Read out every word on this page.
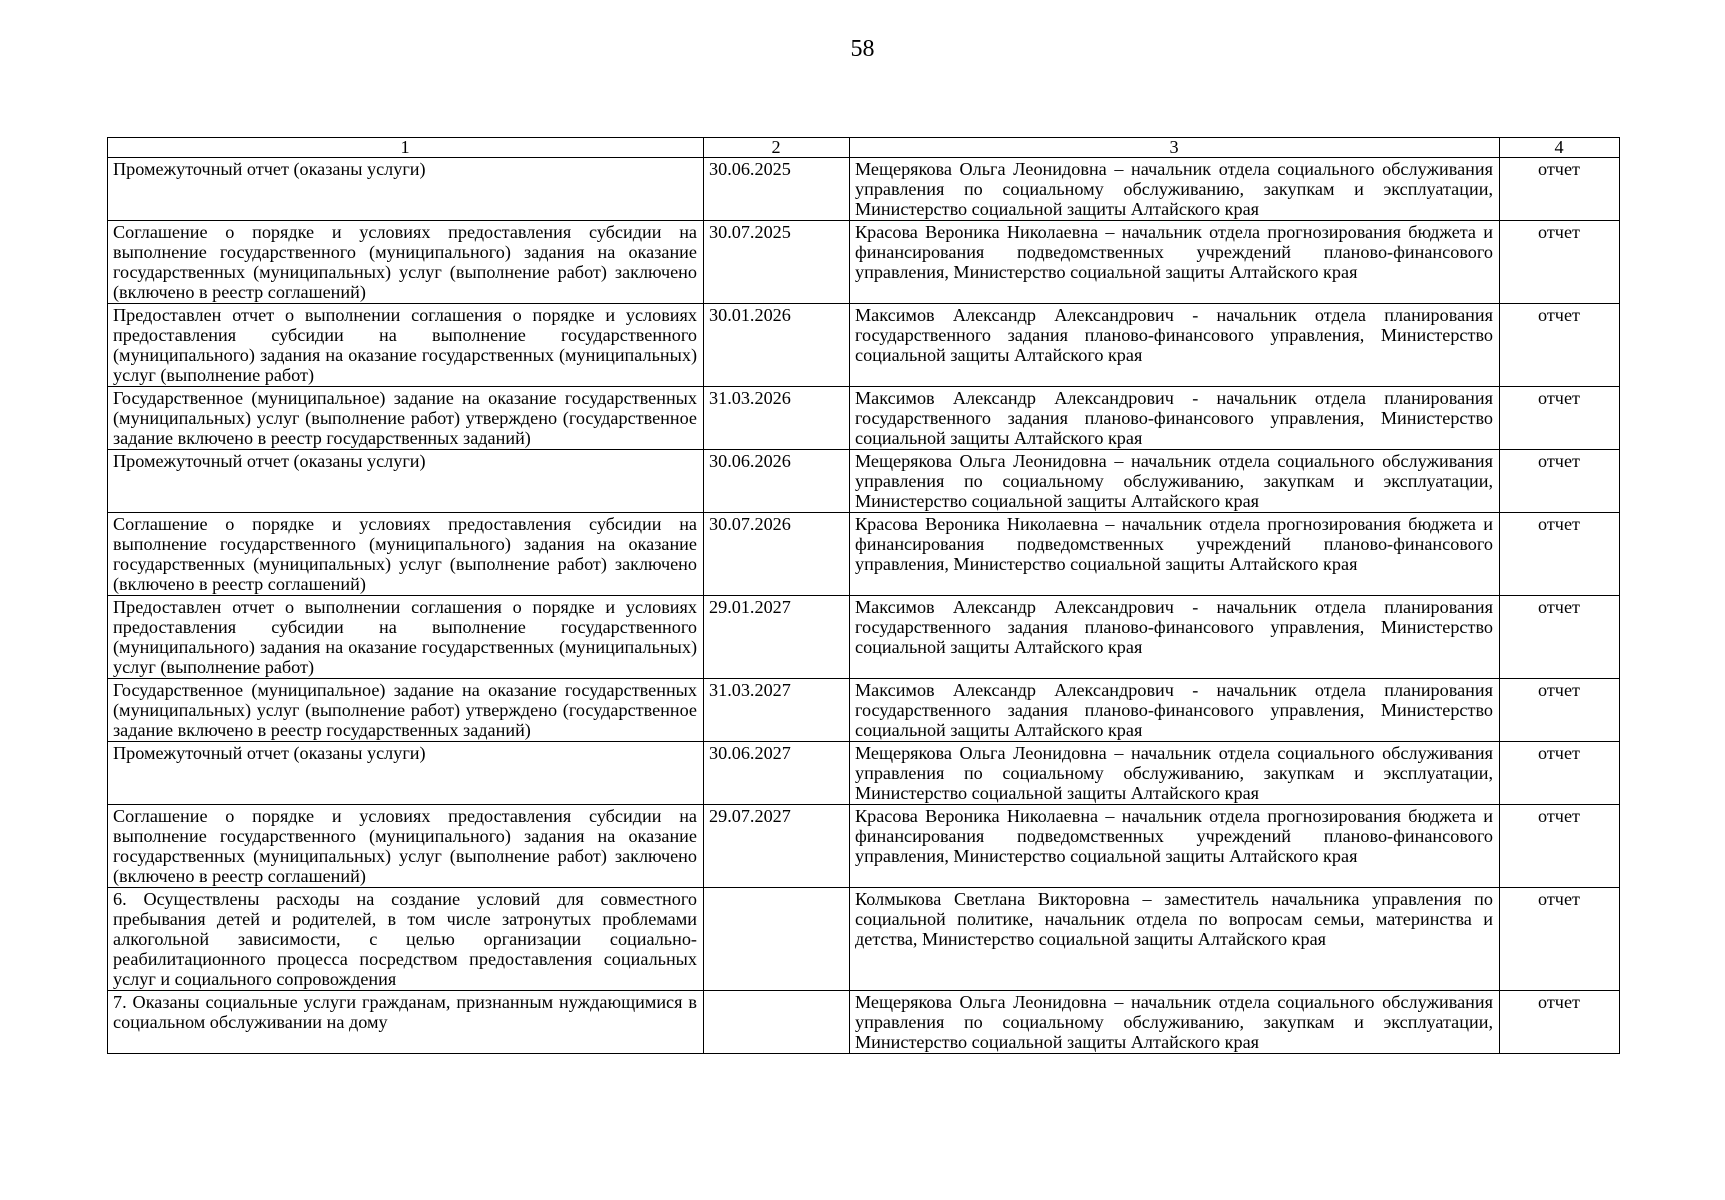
58
1	2	3	4
Промежуточный отчет (оказаны услуги)	30.06.2025	Мещерякова Ольга Леонидовна – начальник отдела социального обслуживания управления по социальному обслуживанию, закупкам и эксплуатации, Министерство социальной защиты Алтайского края	отчет
Соглашение о порядке и условиях предоставления субсидии на выполнение государственного (муниципального) задания на оказание государственных (муниципальных) услуг (выполнение работ) заключено (включено в реестр соглашений)	30.07.2025	Красова Вероника Николаевна – начальник отдела прогнозирования бюджета и финансирования подведомственных учреждений планово-финансового управления, Министерство социальной защиты Алтайского края	отчет
Предоставлен отчет о выполнении соглашения о порядке и условиях предоставления субсидии на выполнение государственного (муниципального) задания на оказание государственных (муниципальных) услуг (выполнение работ)	30.01.2026	Максимов Александр Александрович - начальник отдела планирования государственного задания планово-финансового управления, Министерство социальной защиты Алтайского края	отчет
Государственное (муниципальное) задание на оказание государственных (муниципальных) услуг (выполнение работ) утверждено (государственное задание включено в реестр государственных заданий)	31.03.2026	Максимов Александр Александрович - начальник отдела планирования государственного задания планово-финансового управления, Министерство социальной защиты Алтайского края	отчет
Промежуточный отчет (оказаны услуги)	30.06.2026	Мещерякова Ольга Леонидовна – начальник отдела социального обслуживания управления по социальному обслуживанию, закупкам и эксплуатации, Министерство социальной защиты Алтайского края	отчет
Соглашение о порядке и условиях предоставления субсидии на выполнение государственного (муниципального) задания на оказание государственных (муниципальных) услуг (выполнение работ) заключено (включено в реестр соглашений)	30.07.2026	Красова Вероника Николаевна – начальник отдела прогнозирования бюджета и финансирования подведомственных учреждений планово-финансового управления, Министерство социальной защиты Алтайского края	отчет
Предоставлен отчет о выполнении соглашения о порядке и условиях предоставления субсидии на выполнение государственного (муниципального) задания на оказание государственных (муниципальных) услуг (выполнение работ)	29.01.2027	Максимов Александр Александрович - начальник отдела планирования государственного задания планово-финансового управления, Министерство социальной защиты Алтайского края	отчет
Государственное (муниципальное) задание на оказание государственных (муниципальных) услуг (выполнение работ) утверждено (государственное задание включено в реестр государственных заданий)	31.03.2027	Максимов Александр Александрович - начальник отдела планирования государственного задания планово-финансового управления, Министерство социальной защиты Алтайского края	отчет
Промежуточный отчет (оказаны услуги)	30.06.2027	Мещерякова Ольга Леонидовна – начальник отдела социального обслуживания управления по социальному обслуживанию, закупкам и эксплуатации, Министерство социальной защиты Алтайского края	отчет
Соглашение о порядке и условиях предоставления субсидии на выполнение государственного (муниципального) задания на оказание государственных (муниципальных) услуг (выполнение работ) заключено (включено в реестр соглашений)	29.07.2027	Красова Вероника Николаевна – начальник отдела прогнозирования бюджета и финансирования подведомственных учреждений планово-финансового управления, Министерство социальной защиты Алтайского края	отчет
6. Осуществлены расходы на создание условий для совместного пребывания детей и родителей, в том числе затронутых проблемами алкогольной зависимости, с целью организации социально-реабилитационного процесса посредством предоставления социальных услуг и социального сопровождения		Колмыкова Светлана Викторовна – заместитель начальника управления по социальной политике, начальник отдела по вопросам семьи, материнства и детства, Министерство социальной защиты Алтайского края	отчет
7. Оказаны социальные услуги гражданам, признанным нуждающимися в социальном обслуживании на дому		Мещерякова Ольга Леонидовна – начальник отдела социального обслуживания управления по социальному обслуживанию, закупкам и эксплуатации, Министерство социальной защиты Алтайского края	отчет
